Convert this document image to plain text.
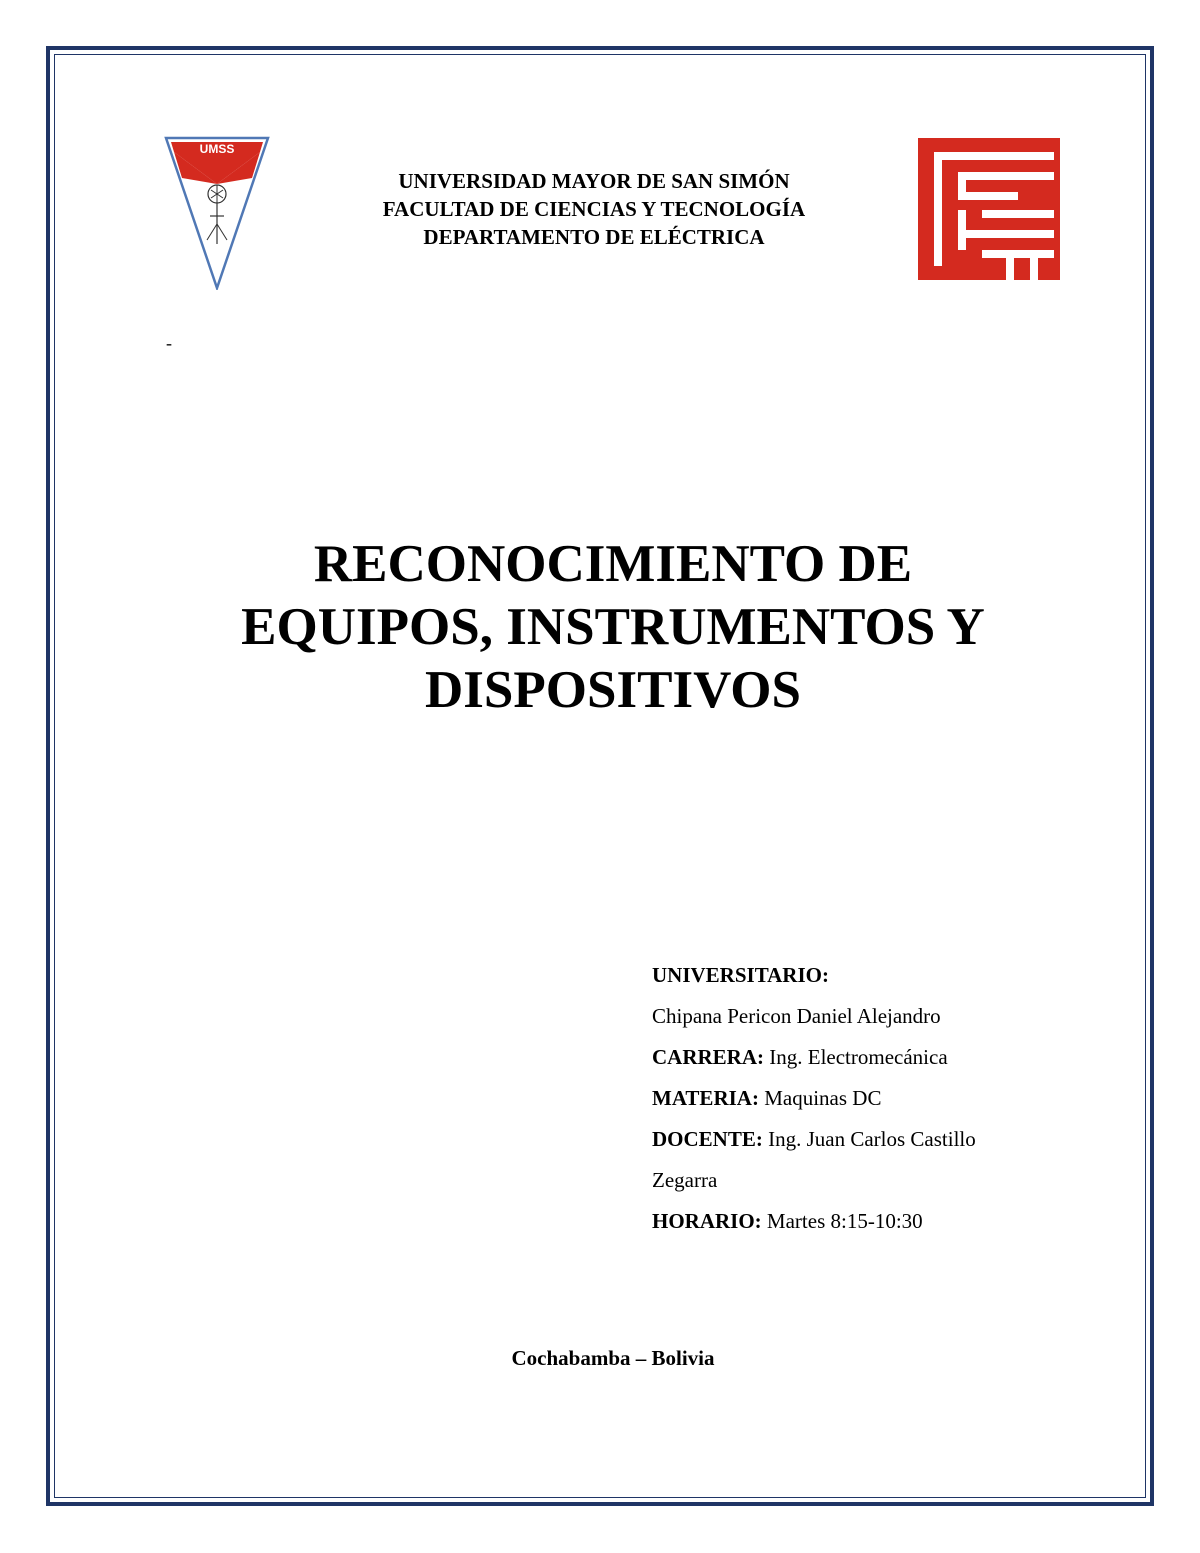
UMSS
UNIVERSIDAD MAYOR DE SAN SIMÓN
FACULTAD DE CIENCIAS Y TECNOLOGÍA
DEPARTAMENTO DE ELÉCTRICA
-
RECONOCIMIENTO DE
EQUIPOS, INSTRUMENTOS Y
DISPOSITIVOS
UNIVERSITARIO:
Chipana Pericon Daniel Alejandro
CARRERA: Ing. Electromecánica
MATERIA: Maquinas DC
DOCENTE: Ing. Juan Carlos Castillo
Zegarra
HORARIO: Martes 8:15-10:30
Cochabamba – Bolivia
